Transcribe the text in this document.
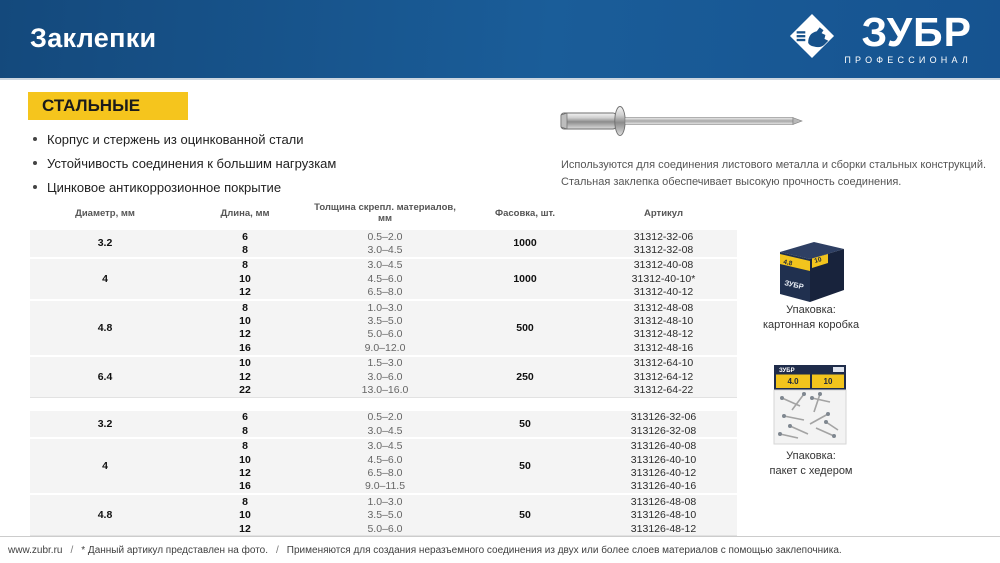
Заклепки	ЗУБР
ПРОФЕССИОНАЛ
СТАЛЬНЫЕ
Корпус и стержень из оцинкованной стали
Устойчивость соединения к большим нагрузкам
Цинковое антикоррозионное покрытие
Используются для соединения листового металла и сборки стальных конструкций.
Стальная заклепка обеспечивает высокую прочность соединения.
Диаметр, мм	Длина, мм	Толщина скрепл. материалов, мм	Фасовка, шт.	Артикул
3.2	6	0.5–2.0	1000	31312-32-06
	8	3.0–4.5		31312-32-08
4	8	3.0–4.5	1000	31312-40-08
	10	4.5–6.0		31312-40-10*
	12	6.5–8.0		31312-40-12
4.8	8	1.0–3.0	500	31312-48-08
	10	3.5–5.0		31312-48-10
	12	5.0–6.0		31312-48-12
	16	9.0–12.0		31312-48-16
6.4	10	1.5–3.0	250	31312-64-10
	12	3.0–6.0		31312-64-12
	22	13.0–16.0		31312-64-22
3.2	6	0.5–2.0	50	313126-32-06
	8	3.0–4.5		313126-32-08
4	8	3.0–4.5	50	313126-40-08
	10	4.5–6.0		313126-40-10
	12	6.5–8.0		313126-40-12
	16	9.0–11.5		313126-40-16
4.8	8	1.0–3.0	50	313126-48-08
	10	3.5–5.0		313126-48-10
	12	5.0–6.0		313126-48-12
4.8	10
ЗУБР
Упаковка:
картонная коробка
ЗУБР
4.0	10
Упаковка:
пакет с хедером
www.zubr.ru / * Данный артикул представлен на фото. / Применяются для создания неразъемного соединения из двух или более слоев материалов с помощью заклепочника.
